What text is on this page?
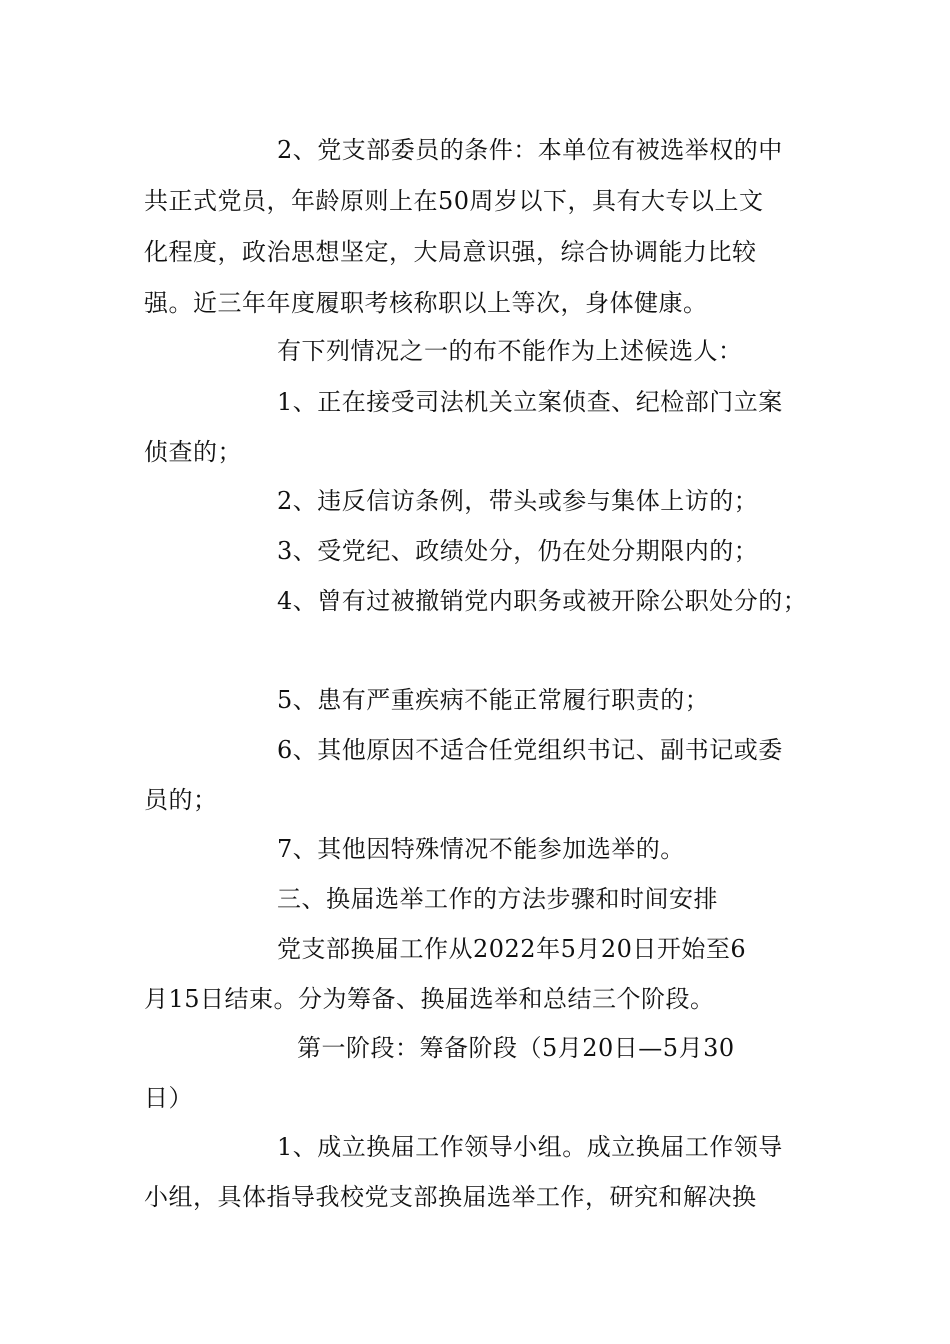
2、党支部委员的条件：本单位有被选举权的中
共正式党员，年龄原则上在50周岁以下，具有大专以上文
化程度，政治思想坚定，大局意识强，综合协调能力比较
强。近三年年度履职考核称职以上等次，身体健康。
有下列情况之一的布不能作为上述候选人：
1、正在接受司法机关立案侦查、纪检部门立案
侦查的；
2、违反信访条例，带头或参与集体上访的；
3、受党纪、政绩处分，仍在处分期限内的；
4、曾有过被撤销党内职务或被开除公职处分的；
5、患有严重疾病不能正常履行职责的；
6、其他原因不适合任党组织书记、副书记或委
员的；
7、其他因特殊情况不能参加选举的。
三、换届选举工作的方法步骤和时间安排
党支部换届工作从2022年5月20日开始至6
月15日结束。分为筹备、换届选举和总结三个阶段。
第一阶段：筹备阶段（5月20日—5月30
日）
1、成立换届工作领导小组。成立换届工作领导
小组，具体指导我校党支部换届选举工作，研究和解决换
